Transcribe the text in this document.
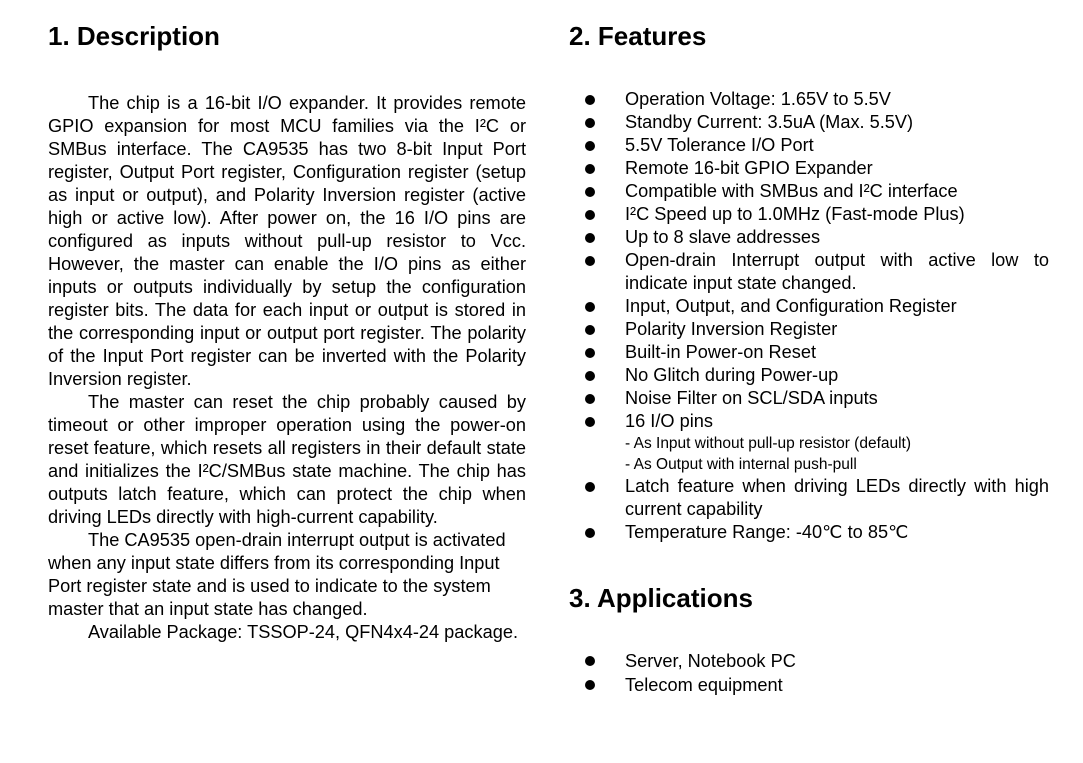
1. Description

The chip is a 16-bit I/O expander. It provides remote GPIO expansion for most MCU families via the I²C or SMBus interface. The CA9535 has two 8-bit Input Port register, Output Port register, Configuration register (setup as input or output), and Polarity Inversion register (active high or active low). After power on, the 16 I/O pins are configured as inputs without pull-up resistor to Vᴄᴄ. However, the master can enable the I/O pins as either inputs or outputs individually by setup the configuration register bits. The data for each input or output is stored in the corresponding input or output port register. The polarity of the Input Port register can be inverted with the Polarity Inversion register.

The master can reset the chip probably caused by timeout or other improper operation using the power-on reset feature, which resets all registers in their default state and initializes the I²C/SMBus state machine. The chip has outputs latch feature, which can protect the chip when driving LEDs directly with high-current capability.

The CA9535 open-drain interrupt output is activated when any input state differs from its corresponding Input Port register state and is used to indicate to the system master that an input state has changed.

Available Package: TSSOP-24, QFN4x4-24 package.

2. Features
Operation Voltage: 1.65V to 5.5V
Standby Current: 3.5uA (Max. 5.5V)
5.5V Tolerance I/O Port
Remote 16-bit GPIO Expander
Compatible with SMBus and I²C interface
I²C Speed up to 1.0MHz (Fast-mode Plus)
Up to 8 slave addresses
Open-drain Interrupt output with active low to indicate input state changed.
Input, Output, and Configuration Register
Polarity Inversion Register
Built-in Power-on Reset
No Glitch during Power-up
Noise Filter on SCL/SDA inputs
16 I/O pins
- As Input without pull-up resistor (default)
- As Output with internal push-pull
Latch feature when driving LEDs directly with high current capability
Temperature Range: -40℃ to 85℃
3. Applications
Server, Notebook PC
Telecom equipment
